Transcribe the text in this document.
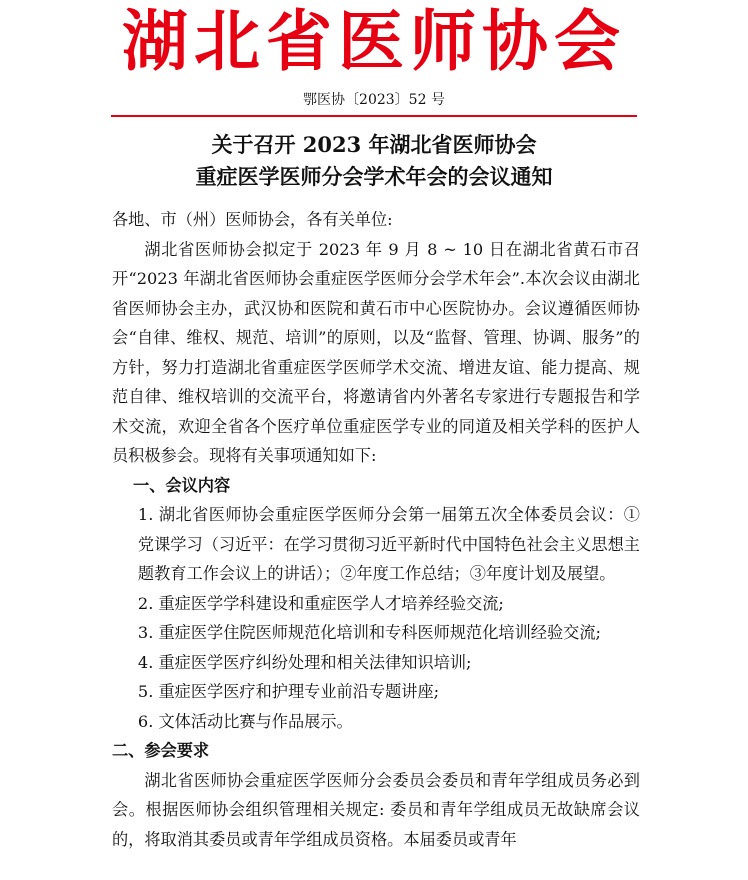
湖北省医师协会
鄂医协〔2023〕52 号
关于召开 2023 年湖北省医师协会
重症医学医师分会学术年会的会议通知

各地、市（州）医师协会，各有关单位:

湖北省医师协会拟定于 2023 年 9 月 8 ~ 10 日在湖北省黄石市召开“2023 年湖北省医师协会重症医学医师分会学术年会”.本次会议由湖北省医师协会主办，武汉协和医院和黄石市中心医院协办。会议遵循医师协会“自律、维权、规范、培训”的原则，以及“监督、管理、协调、服务”的方针，努力打造湖北省重症医学医师学术交流、增进友谊、能力提高、规范自律、维权培训的交流平台，将邀请省内外著名专家进行专题报告和学术交流，欢迎全省各个医疗单位重症医学专业的同道及相关学科的医护人员积极参会。现将有关事项通知如下:

一、会议内容

1. 湖北省医师协会重症医学医师分会第一届第五次全体委员会议：①党课学习（习近平：在学习贯彻习近平新时代中国特色社会主义思想主题教育工作会议上的讲话）；②年度工作总结；③年度计划及展望。

2. 重症医学学科建设和重症医学人才培养经验交流;

3. 重症医学住院医师规范化培训和专科医师规范化培训经验交流;

4. 重症医学医疗纠纷处理和相关法律知识培训;

5. 重症医学医疗和护理专业前沿专题讲座;

6. 文体活动比赛与作品展示。

二、参会要求

湖北省医师协会重症医学医师分会委员会委员和青年学组成员务必到会。根据医师协会组织管理相关规定: 委员和青年学组成员无故缺席会议的，将取消其委员或青年学组成员资格。本届委员或青年
